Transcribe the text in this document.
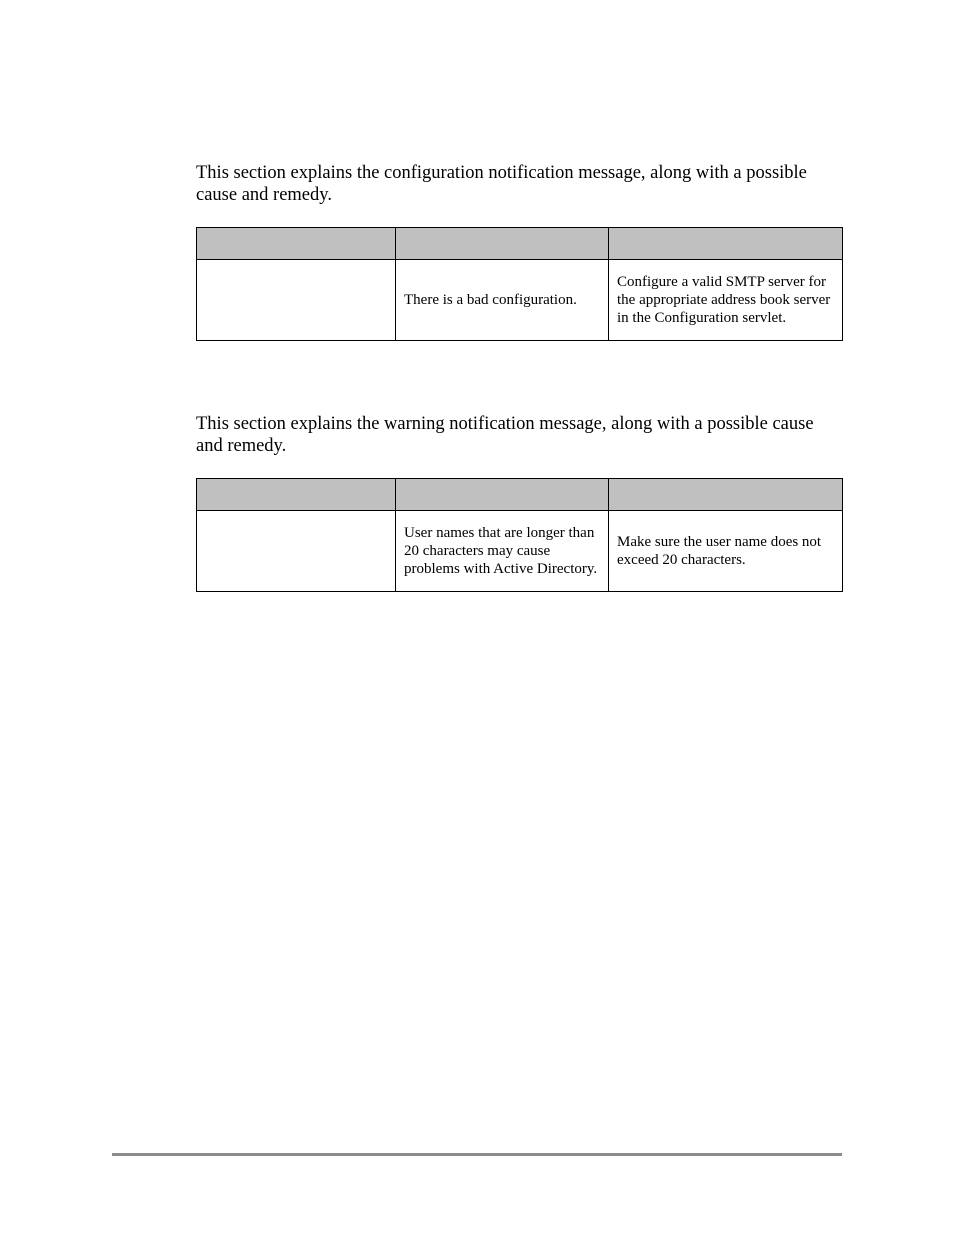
This section explains the configuration notification message, along with a possible cause and remedy.

	There is a bad configuration.	Configure a valid SMTP server for the appropriate address book server in the Configuration servlet.

This section explains the warning notification message, along with a possible cause and remedy.

	User names that are longer than 20 characters may cause problems with Active Directory.	Make sure the user name does not exceed 20 characters.
